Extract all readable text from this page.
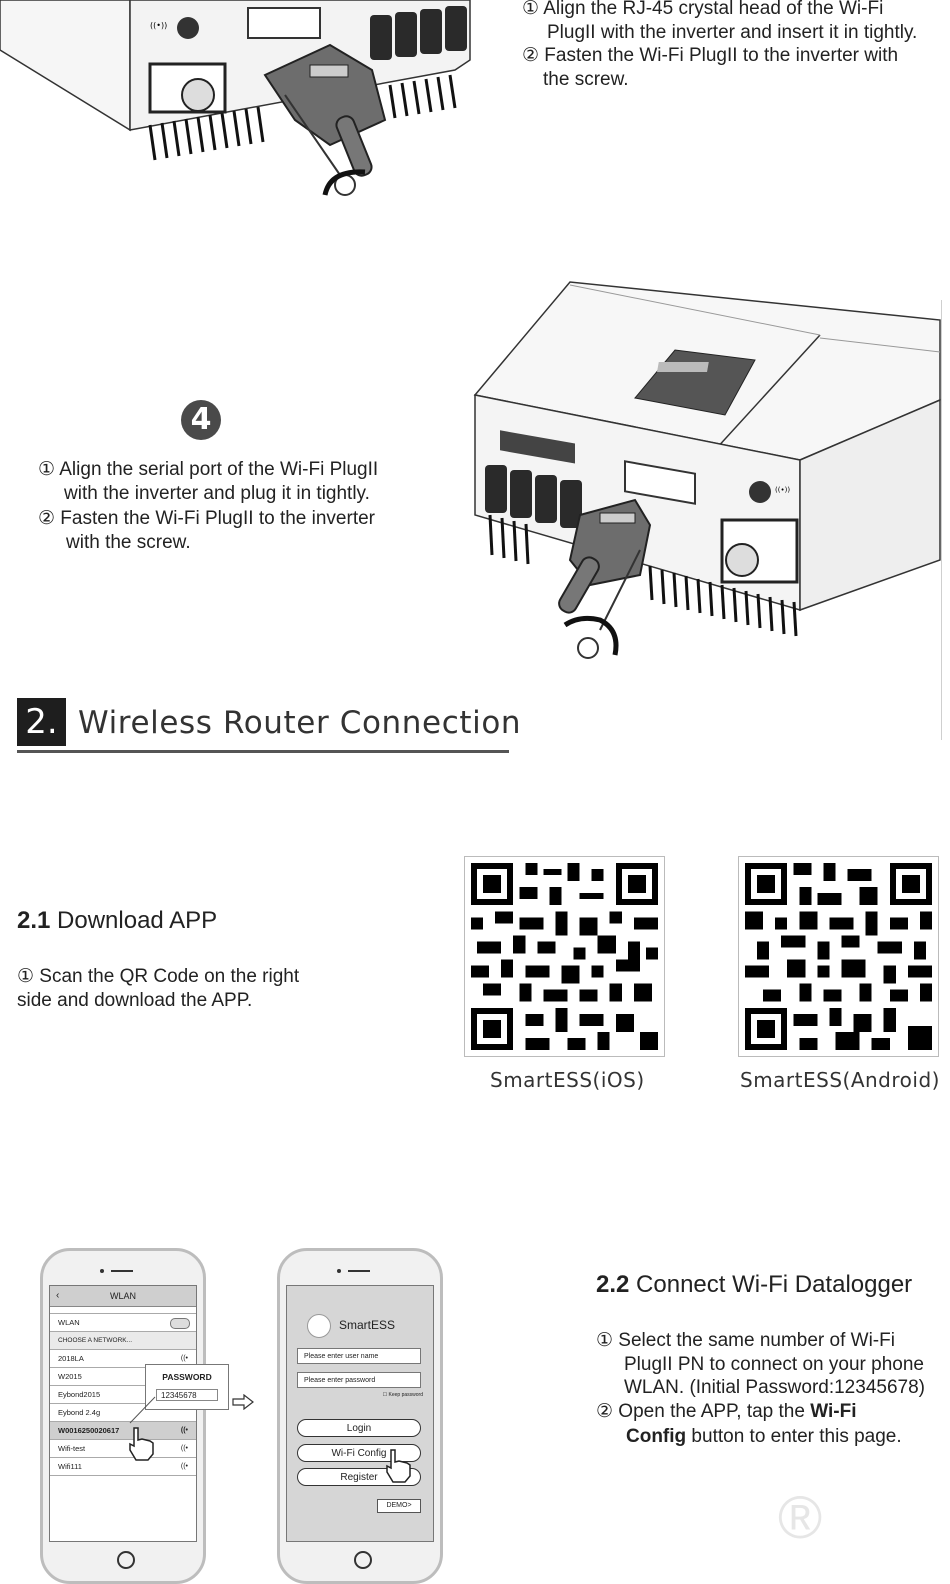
((•))
① Align the RJ-45 crystal head of the Wi-Fi
PlugII with the inverter and insert it in tightly.
② Fasten the Wi-Fi PlugII to the inverter with
the screw.
4
① Align the serial port of the Wi-Fi PlugII
with the inverter and plug it in tightly.
② Fasten the Wi-Fi PlugII to the inverter
with the screw.
((•))
2. Wireless Router Connection
2.1 Download APP
① Scan the QR Code on the right
side and download the APP.
SmartESS(iOS)	SmartESS(Android)
‹	WLAN
WLAN
CHOOSE A NETWORK...
2018LA	((•
W2015
Eybond2015
Eybond 2.4g
W0016250020617	((•
Wifi-test	((•
Wifi111	((•
PASSWORD
12345678
SmartESS
Please enter user name
Please enter password
☐ Keep password
Login
Wi-Fi Config
Register
DEMO>
2.2 Connect Wi-Fi Datalogger
① Select the same number of Wi-Fi
PlugII PN to connect on your phone
WLAN. (Initial Password:12345678)
② Open the APP, tap the Wi-Fi
Config button to enter this page.
®
